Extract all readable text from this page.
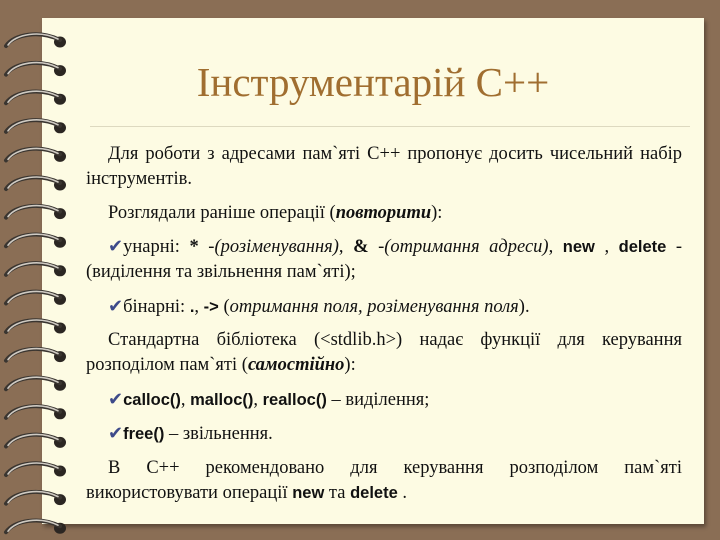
Інструментарій С++

Для роботи з адресами пам`яті С++ пропонує досить чисельний набір інструментів.

Розглядали раніше операції (повторити):

✔унарні: * -(розіменування), & -(отримання адреси), new , delete -(виділення та звільнення пам`яті);

✔бінарні: ., -> (отримання поля, розіменування поля).

Стандартна бібліотека (<stdlib.h>) надає функції для керування розподілом пам`яті (самостійно):

✔calloc(), malloc(), realloc() – виділення;

✔free() – звільнення.

В С++ рекомендовано для керування розподілом пам`яті використовувати операції new та delete .
